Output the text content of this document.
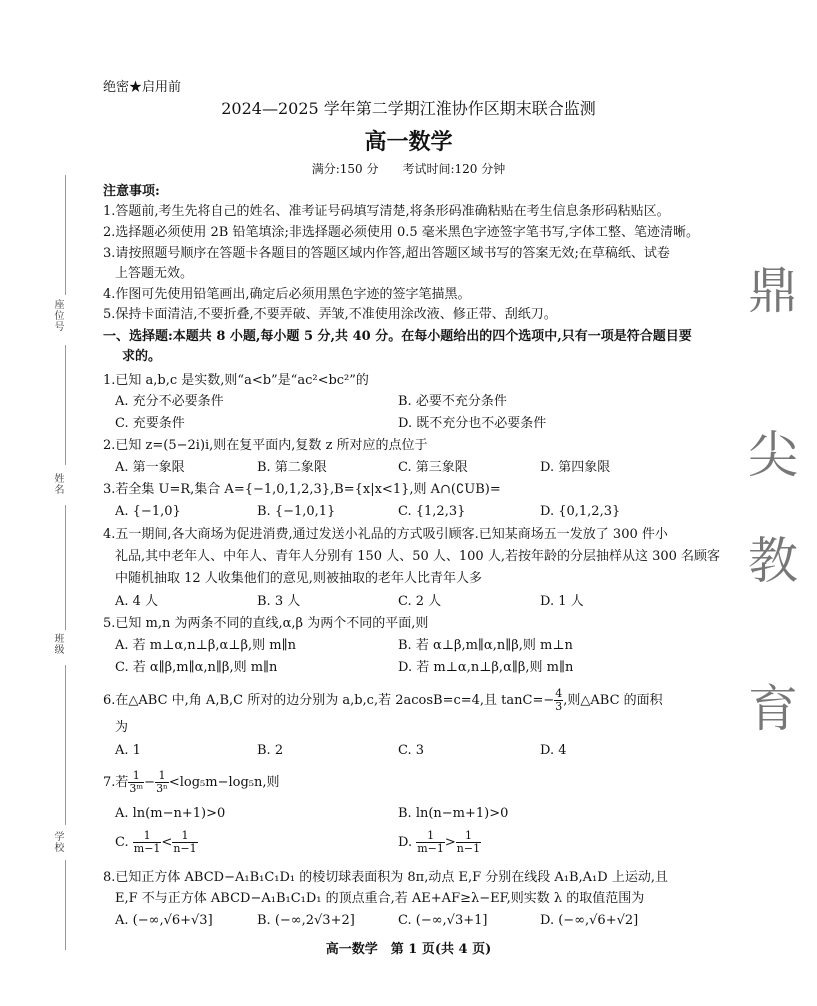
绝密★启用前
2024—2025 学年第二学期江淮协作区期末联合监测
高一数学
满分:150 分　　考试时间:120 分钟
鼎
尖
教
育
座位号
姓名
班级
学校
注意事项:
1.答题前,考生先将自己的姓名、准考证号码填写清楚,将条形码准确粘贴在考生信息条形码粘贴区。
2.选择题必须使用 2B 铅笔填涂;非选择题必须使用 0.5 毫米黑色字迹签字笔书写,字体工整、笔迹清晰。
3.请按照题号顺序在答题卡各题目的答题区域内作答,超出答题区域书写的答案无效;在草稿纸、试卷
上答题无效。
4.作图可先使用铅笔画出,确定后必须用黑色字迹的签字笔描黑。
5.保持卡面清洁,不要折叠,不要弄破、弄皱,不准使用涂改液、修正带、刮纸刀。
一、选择题:本题共 8 小题,每小题 5 分,共 40 分。在每小题给出的四个选项中,只有一项是符合题目要
求的。
1.已知 a,b,c 是实数,则“a<b”是“ac²<bc²”的
A. 充分不必要条件	B. 必要不充分条件
C. 充要条件	D. 既不充分也不必要条件
2.已知 z=(5−2i)i,则在复平面内,复数 z 所对应的点位于
A. 第一象限	B. 第二象限	C. 第三象限	D. 第四象限
3.若全集 U=R,集合 A={−1,0,1,2,3},B={x|x<1},则 A∩(∁UB)=
A. {−1,0}	B. {−1,0,1}	C. {1,2,3}	D. {0,1,2,3}
4.五一期间,各大商场为促进消费,通过发送小礼品的方式吸引顾客.已知某商场五一发放了 300 件小
礼品,其中老年人、中年人、青年人分别有 150 人、50 人、100 人,若按年龄的分层抽样从这 300 名顾客
中随机抽取 12 人收集他们的意见,则被抽取的老年人比青年人多
A. 4 人	B. 3 人	C. 2 人	D. 1 人
5.已知 m,n 为两条不同的直线,α,β 为两个不同的平面,则
A. 若 m⊥α,n⊥β,α⊥β,则 m∥n	B. 若 α⊥β,m∥α,n∥β,则 m⊥n
C. 若 α∥β,m∥α,n∥β,则 m∥n	D. 若 m⊥α,n⊥β,α∥β,则 m∥n
6.在△ABC 中,角 A,B,C 所对的边分别为 a,b,c,若 2acosB=c=4,且 $\tan C=- \frac{4}{3}$ ,则△ABC 的面积
为
A. 1	B. 2	C. 3	D. 4
7.若 $\frac{1}{\text{3ᵐ}} - \frac{1}{\text{3ⁿ}} <\log_5m-\log_5n$,则
A. ln(m−n+1)>0	B. ln(n−m+1)>0
C. $\frac{1}{m-1} < \frac{1}{n-1}$	D. $\frac{1}{m-1} > \frac{1}{n-1}$
8.已知正方体 ABCD−A₁B₁C₁D₁ 的棱切球表面积为 8π,动点 E,F 分别在线段 A₁B,A₁D 上运动,且
E,F 不与正方体 ABCD−A₁B₁C₁D₁ 的顶点重合,若 AE+AF≥λ−EF,则实数 λ 的取值范围为
A. (−∞,√6+√3]	B. (−∞,2√3+2]	C. (−∞,√3+1]	D. (−∞,√6+√2]
高一数学　第 1 页(共 4 页)
